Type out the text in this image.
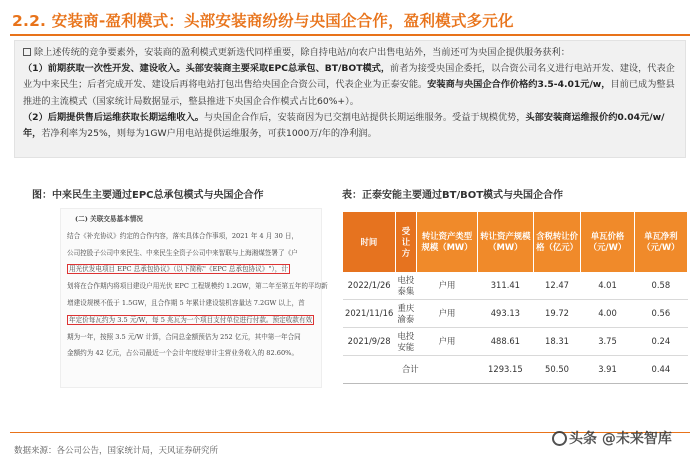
2.2. 安装商-盈利模式：头部安装商纷纷与央国企合作，盈利模式多元化

除上述传统的竞争要素外，安装商的盈利模式更新迭代同样重要，除自持电站/向农户出售电站外，当前还可为央国企提供服务获利：

（1）前期获取一次性开发、建设收入。头部安装商主要采取EPC总承包、BT/BOT模式，前者为接受央国企委托，以合资公司名义进行电站开发、建设，代表企业为中来民生；后者完成开发、建设后再将电站打包出售给央国企合资公司，代表企业为正泰安能。安装商与央国企合作价格约3.5-4.01元/w，目前已成为整县推进的主流模式（国家统计局数据显示，整县推进下央国企合作模式占比60%+）。

（2）后期提供售后运维获取长期运维收入。与央国企合作后，安装商因为已交割电站提供长期运维服务。受益于规模优势，头部安装商运维报价约0.04元/w/年，若净利率为25%，则每为1GW户用电站提供运维服务，可获1000万/年的净利润。

图：中来民生主要通过EPC总承包模式与央国企合作	表：正泰安能主要通过BT/BOT模式与央国企合作
(二) 关联交易基本情况
结合《补充协议》约定的合作内容，落实具体合作事项，2021 年 4 月 30 日，
公司控股子公司中来民生、中来民生全资子公司中来智联与上海湘煤签署了《户
用光伏发电项目 EPC 总承包协议》（以下简称"《EPC 总承包协议》"），计
划将在合作期内将项目建设户用光伏 EPC 工程规模约 1.2GW，第二年至第五年的平均新
增建设规模不低于 1.5GW，且合作期 5 年累计建设装机容量达 7.2GW 以上，首
年定价每瓦约为 3.5 元/W，每 5 兆瓦为一个项目支付单位进行付款。预定收款有效
期为一年，按照 3.5 元/W 计算，合同总金额预估为 252 亿元，其中第一年合同
金额约为 42 亿元，占公司最近一个会计年度经审计主营业务收入的 82.60%。
时间	受让方	转让资产类型规模（MW）	转让资产规模（MW）	含税转让价格（亿元）	单瓦价格（元/W）	单瓦净利（元/W）
2022/1/26	电投泰集	户用	311.41	12.47	4.01	0.58
2021/11/16	重庆渝泰	户用	493.13	19.72	4.00	0.56
2021/9/28	电投安能	户用	488.61	18.31	3.75	0.24
合计			1293.15	50.50	3.91	0.44
数据来源：各公司公告，国家统计局，天风证券研究所
头条 @未来智库
